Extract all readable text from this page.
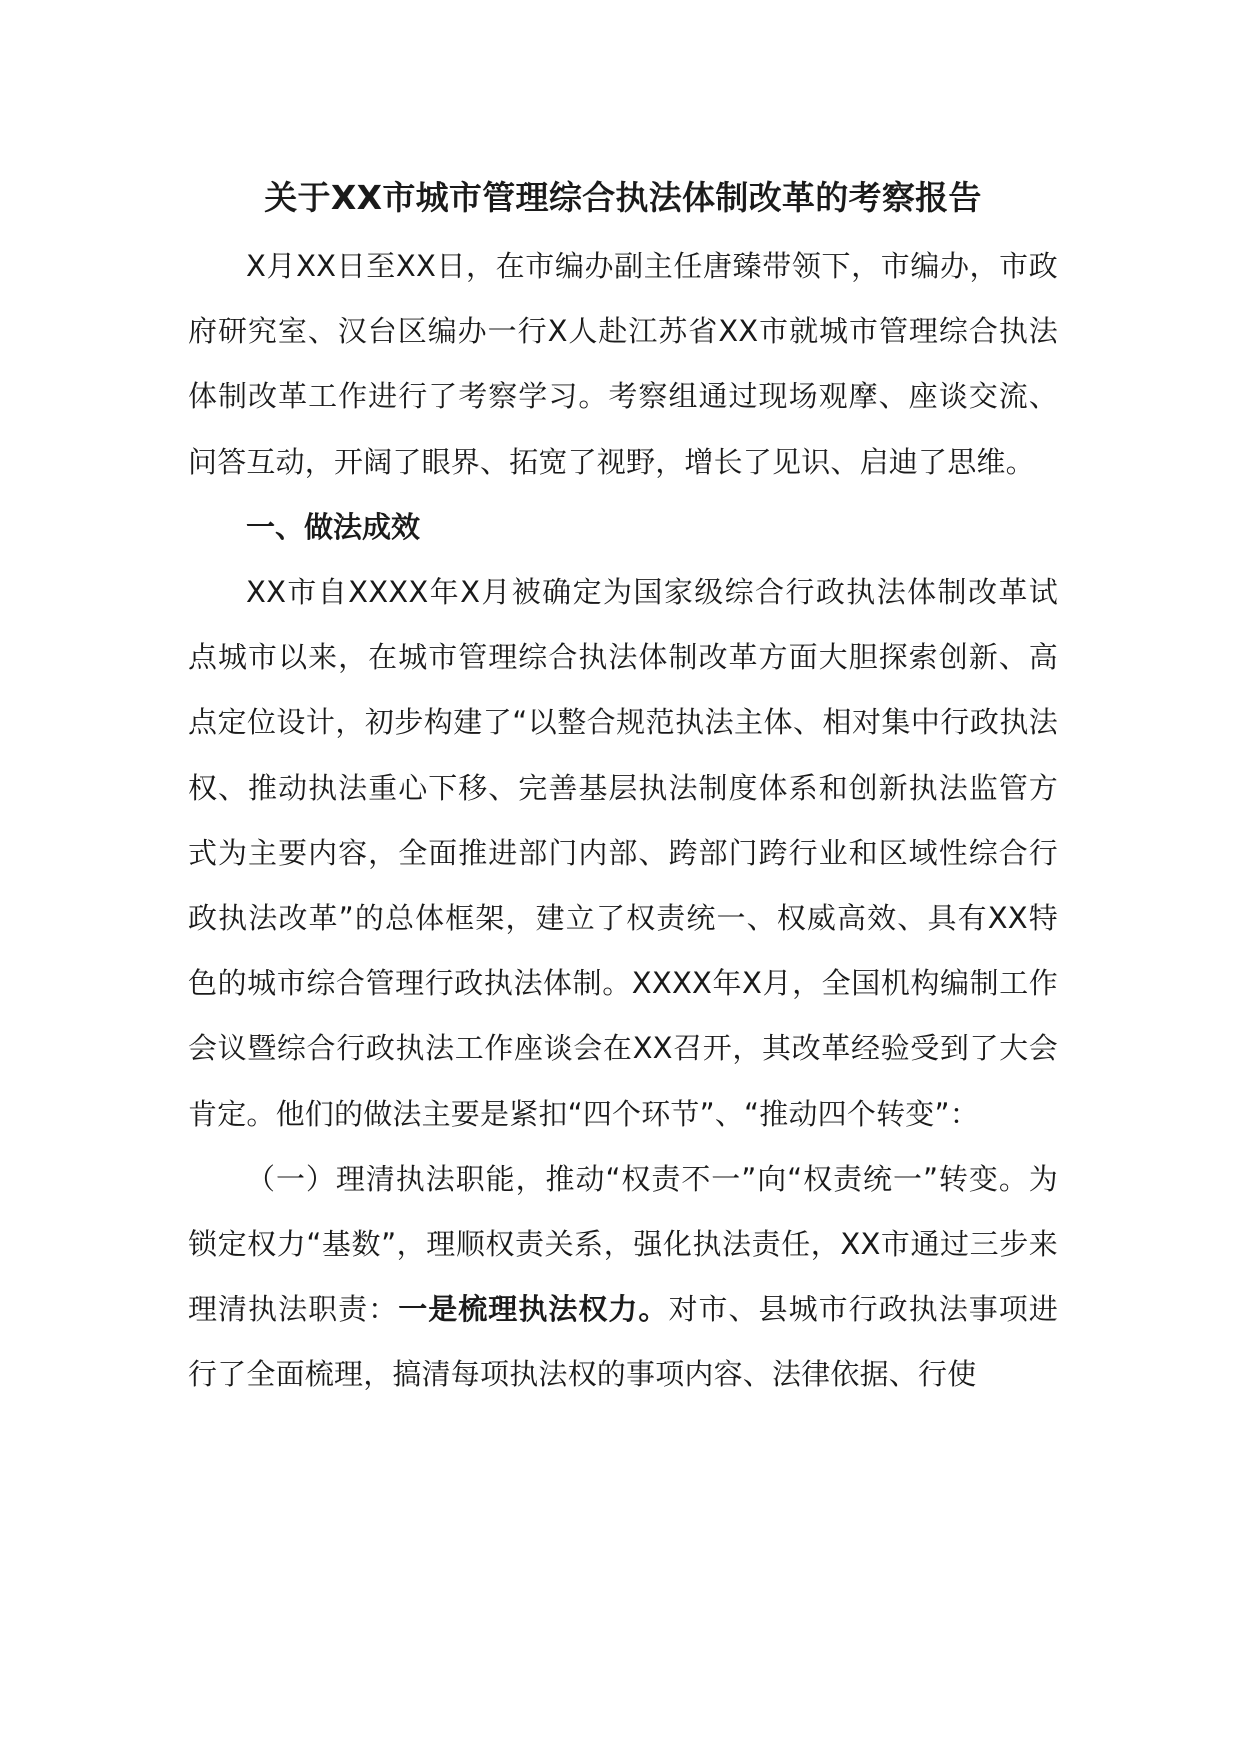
关于XX市城市管理综合执法体制改革的考察报告

X月XX日至XX日，在市编办副主任唐臻带领下，市编办，市政府研究室、汉台区编办一行X人赴江苏省XX市就城市管理综合执法体制改革工作进行了考察学习。考察组通过现场观摩、座谈交流、问答互动，开阔了眼界、拓宽了视野，增长了见识、启迪了思维。

一、做法成效

XX市自XXXX年X月被确定为国家级综合行政执法体制改革试点城市以来，在城市管理综合执法体制改革方面大胆探索创新、高点定位设计，初步构建了“以整合规范执法主体、相对集中行政执法权、推动执法重心下移、完善基层执法制度体系和创新执法监管方式为主要内容，全面推进部门内部、跨部门跨行业和区域性综合行政执法改革”的总体框架，建立了权责统一、权威高效、具有XX特色的城市综合管理行政执法体制。XXXX年X月，全国机构编制工作会议暨综合行政执法工作座谈会在XX召开，其改革经验受到了大会肯定。他们的做法主要是紧扣“四个环节”、“推动四个转变”：

（一）理清执法职能，推动“权责不一”向“权责统一”转变。为锁定权力“基数”，理顺权责关系，强化执法责任，XX市通过三步来理清执法职责：一是梳理执法权力。对市、县城市行政执法事项进行了全面梳理，搞清每项执法权的事项内容、法律依据、行使
